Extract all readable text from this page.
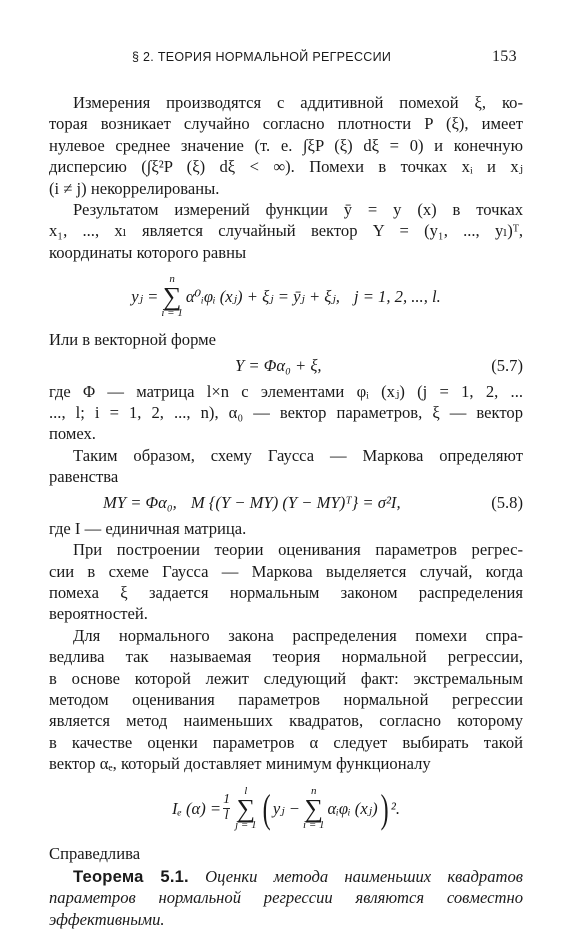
§ 2. ТЕОРИЯ НОРМАЛЬНОЙ РЕГРЕССИИ	153

Измерения производятся с аддитивной помехой ξ, ко-

торая возникает случайно согласно плотности P (ξ), имеет

нулевое среднее значение (т. е. ∫ξP (ξ) dξ = 0) и конечную

дисперсию (∫ξ²P (ξ) dξ < ∞). Помехи в точках xᵢ и xⱼ

(i ≠ j) некоррелированы.

Результатом измерений функции ȳ = y (x) в точках

x₁, ..., xₗ является случайный вектор Y = (y₁, ..., yₗ)ᵀ,

координаты которого равны

yⱼ =
n
∑
i = 1
α⁰ᵢφᵢ (xⱼ) + ξⱼ = ȳⱼ + ξⱼ, j = 1, 2, ..., l.

Или в векторной форме

Y = Φα₀ + ξ,	(5.7)

где Φ — матрица l×n с элементами φᵢ (xⱼ) (j = 1, 2, ...

..., l; i = 1, 2, ..., n), α₀ — вектор параметров, ξ — вектор

помех.

Таким образом, схему Гаусса — Маркова определяют

равенства

MY = Φα₀, M {(Y − MY) (Y − MY)ᵀ} = σ²I,	(5.8)

где I — единичная матрица.

При построении теории оценивания параметров регрес-

сии в схеме Гаусса — Маркова выделяется случай, когда

помеха ξ задается нормальным законом распределения

вероятностей.

Для нормального закона распределения помехи спра-

ведлива так называемая теория нормальной регрессии,

в основе которой лежит следующий факт: экстремальным

методом оценивания параметров нормальной регрессии

является метод наименьших квадратов, согласно которому

в качестве оценки параметров α следует выбирать такой

вектор αₑ, который доставляет минимум функционалу

Iₑ $(\alpha) = \frac{1}{l}$
l
∑
j = 1 ( yⱼ −
n
∑
i = 1
αᵢφᵢ (xⱼ) ) ².

Справедлива

Теорема 5.1. Оценки метода наименьших квадратов

параметров нормальной регрессии являются совместно

эффективными.
